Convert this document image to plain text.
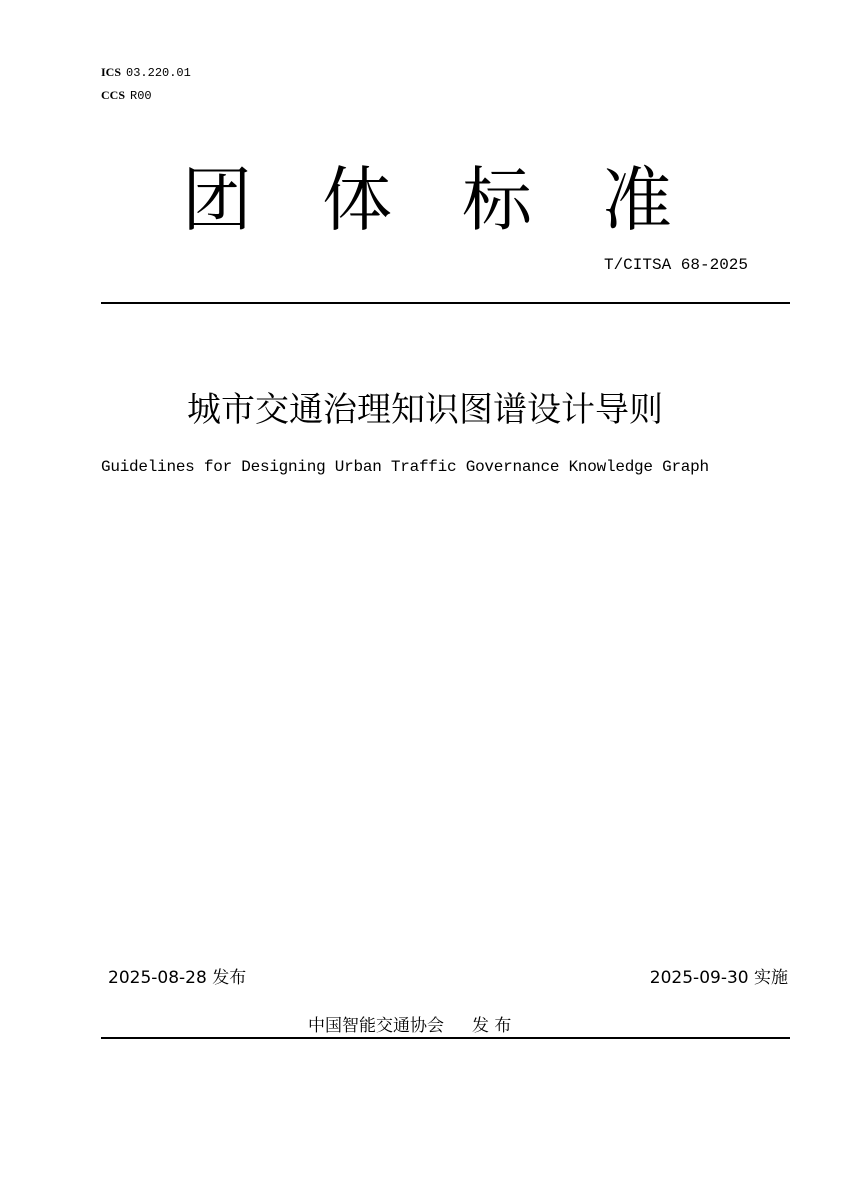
ICS 03.220.01
CCS R00
团 体 标 准
T/CITSA 68-2025
城市交通治理知识图谱设计导则
Guidelines for Designing Urban Traffic Governance Knowledge Graph
2025-08-28 发布	2025-09-30 实施
中国智能交通协会 发 布
